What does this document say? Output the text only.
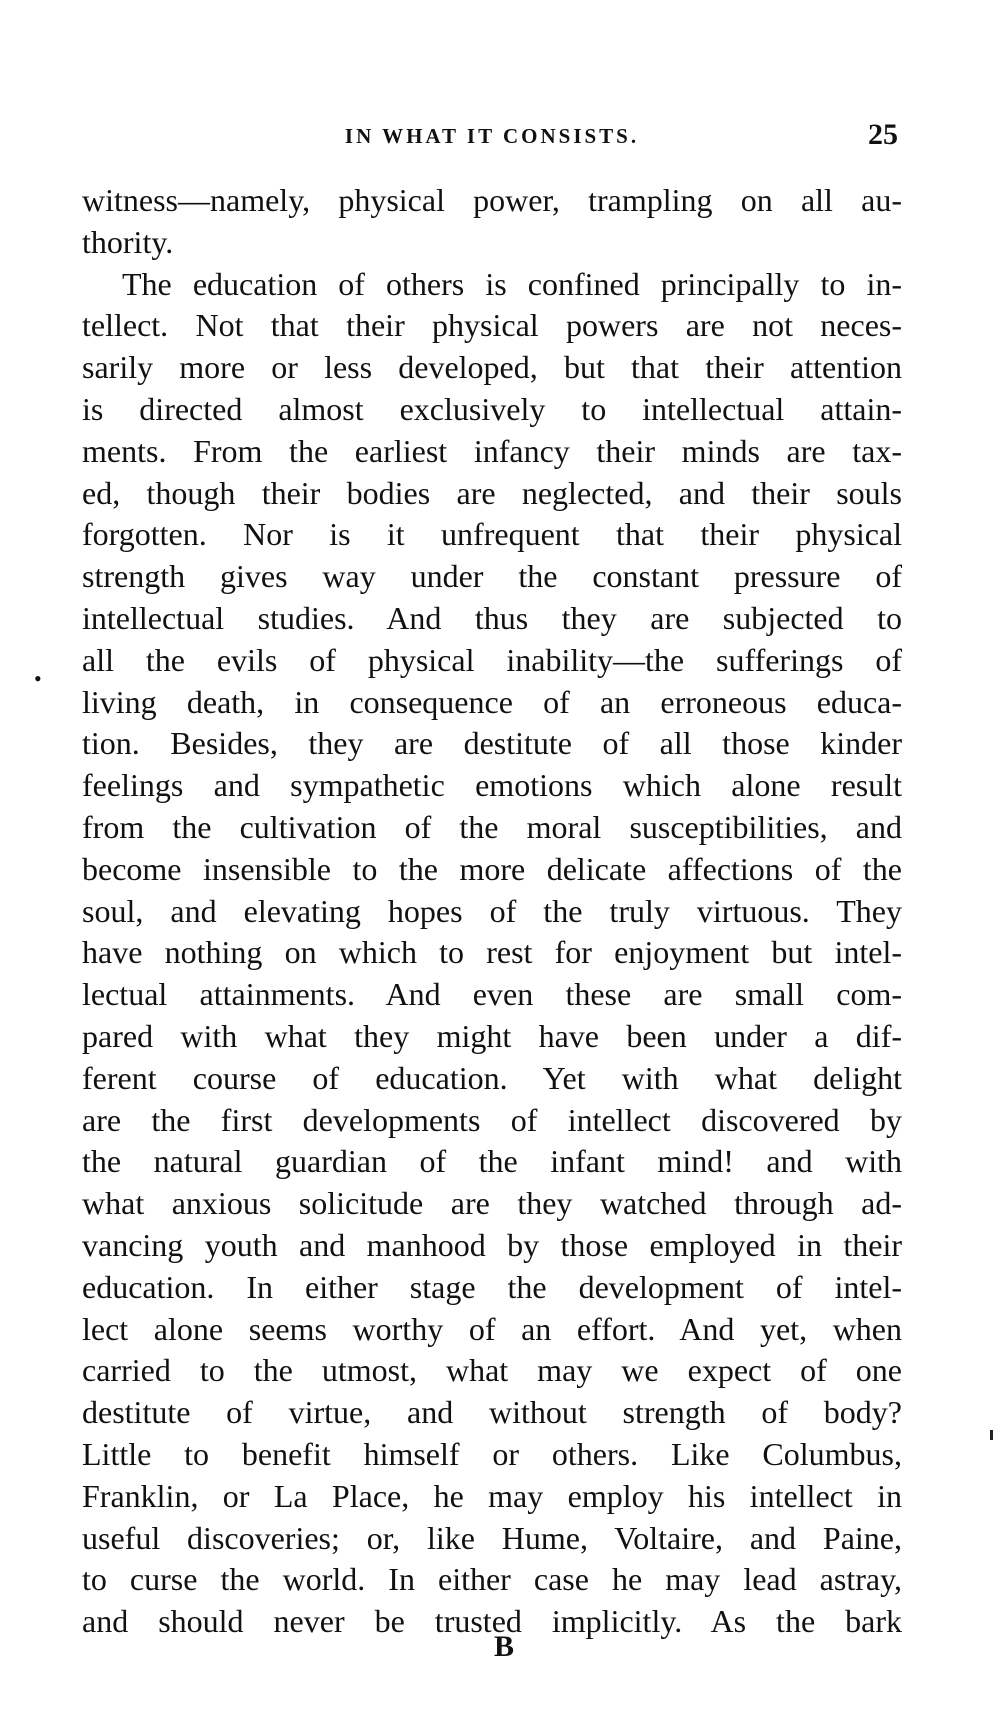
IN WHAT IT CONSISTS.	25
•
witness—namely, physical power, trampling on all au-
thority.
The education of others is confined principally to in-
tellect. Not that their physical powers are not neces-
sarily more or less developed, but that their attention
is directed almost exclusively to intellectual attain-
ments. From the earliest infancy their minds are tax-
ed, though their bodies are neglected, and their souls
forgotten. Nor is it unfrequent that their physical
strength gives way under the constant pressure of
intellectual studies. And thus they are subjected to
all the evils of physical inability—the sufferings of
living death, in consequence of an erroneous educa-
tion. Besides, they are destitute of all those kinder
feelings and sympathetic emotions which alone result
from the cultivation of the moral susceptibilities, and
become insensible to the more delicate affections of the
soul, and elevating hopes of the truly virtuous. They
have nothing on which to rest for enjoyment but intel-
lectual attainments. And even these are small com-
pared with what they might have been under a dif-
ferent course of education. Yet with what delight
are the first developments of intellect discovered by
the natural guardian of the infant mind! and with
what anxious solicitude are they watched through ad-
vancing youth and manhood by those employed in their
education. In either stage the development of intel-
lect alone seems worthy of an effort. And yet, when
carried to the utmost, what may we expect of one
destitute of virtue, and without strength of body?
Little to benefit himself or others. Like Columbus,
Franklin, or La Place, he may employ his intellect in
useful discoveries; or, like Hume, Voltaire, and Paine,
to curse the world. In either case he may lead astray,
and should never be trusted implicitly. As the bark
B
